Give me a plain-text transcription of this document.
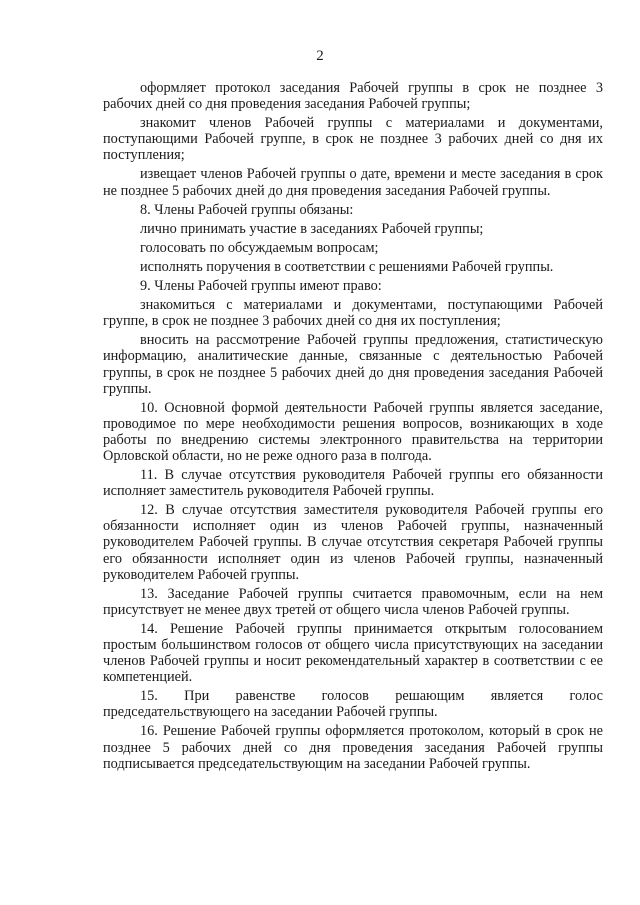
2

оформляет протокол заседания Рабочей группы в срок не позднее 3 рабочих дней со дня проведения заседания Рабочей группы;

знакомит членов Рабочей группы с материалами и документами, поступающими Рабочей группе, в срок не позднее 3 рабочих дней со дня их поступления;

извещает членов Рабочей группы о дате, времени и месте заседания в срок не позднее 5 рабочих дней до дня проведения заседания Рабочей группы.

8. Члены Рабочей группы обязаны:

лично принимать участие в заседаниях Рабочей группы;

голосовать по обсуждаемым вопросам;

исполнять поручения в соответствии с решениями Рабочей группы.

9. Члены Рабочей группы имеют право:

знакомиться с материалами и документами, поступающими Рабочей группе, в срок не позднее 3 рабочих дней со дня их поступления;

вносить на рассмотрение Рабочей группы предложения, статистическую информацию, аналитические данные, связанные с деятельностью Рабочей группы, в срок не позднее 5 рабочих дней до дня проведения заседания Рабочей группы.

10. Основной формой деятельности Рабочей группы является заседание, проводимое по мере необходимости решения вопросов, возникающих в ходе работы по внедрению системы электронного правительства на территории Орловской области, но не реже одного раза в полгода.

11. В случае отсутствия руководителя Рабочей группы его обязанности исполняет заместитель руководителя Рабочей группы.

12. В случае отсутствия заместителя руководителя Рабочей группы его обязанности исполняет один из членов Рабочей группы, назначенный руководителем Рабочей группы. В случае отсутствия секретаря Рабочей группы его обязанности исполняет один из членов Рабочей группы, назначенный руководителем Рабочей группы.

13. Заседание Рабочей группы считается правомочным, если на нем присутствует не менее двух третей от общего числа членов Рабочей группы.

14. Решение Рабочей группы принимается открытым голосованием простым большинством голосов от общего числа присутствующих на заседании членов Рабочей группы и носит рекомендательный характер в соответствии с ее компетенцией.

15. При равенстве голосов решающим является голос председательствующего на заседании Рабочей группы.

16. Решение Рабочей группы оформляется протоколом, который в срок не позднее 5 рабочих дней со дня проведения заседания Рабочей группы подписывается председательствующим на заседании Рабочей группы.
